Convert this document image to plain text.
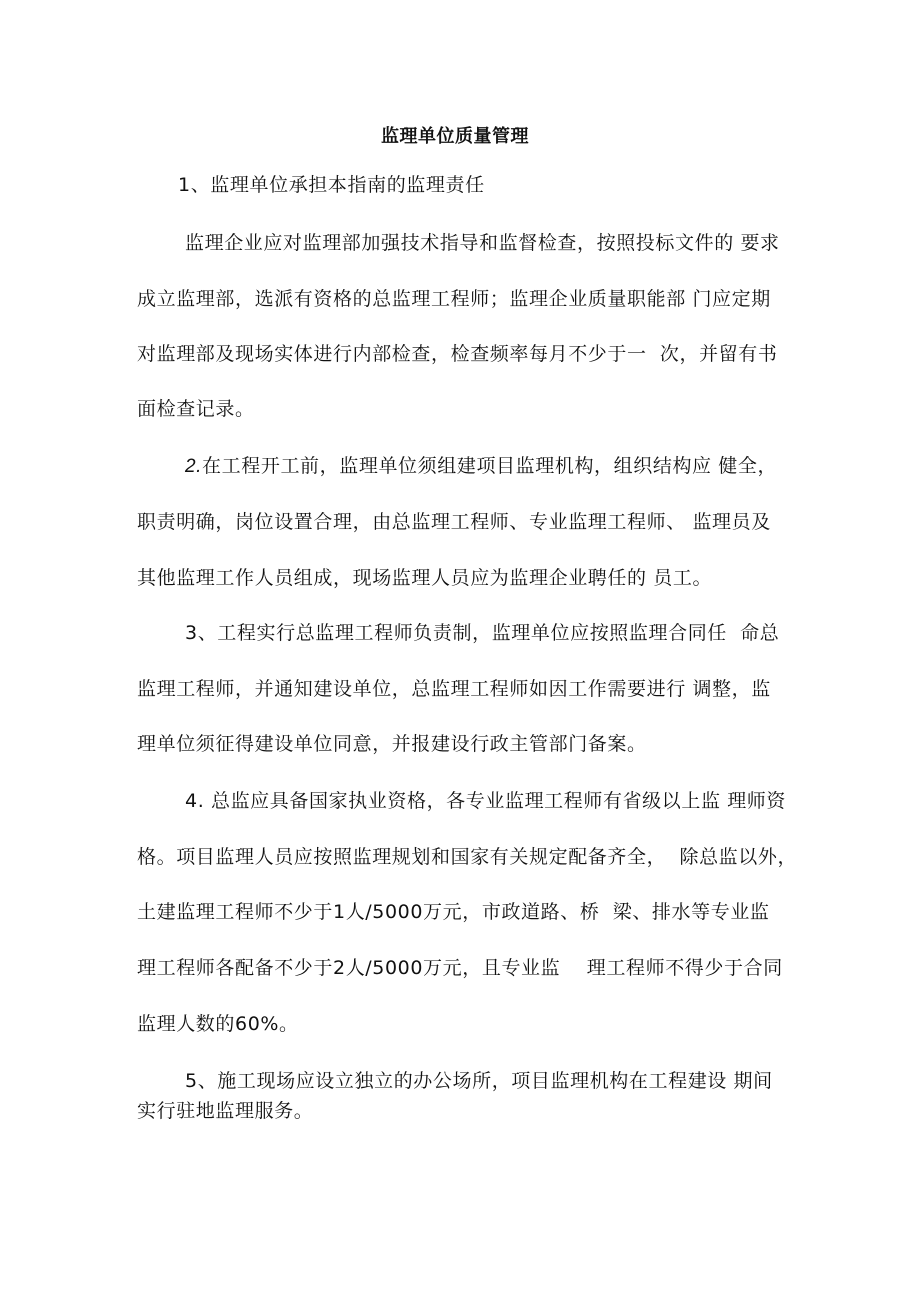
监理单位质量管理
1、监理单位承担本指南的监理责任
监理企业应对监理部加强技术指导和监督检查，按照投标文件的 要求
成立监理部，选派有资格的总监理工程师；监理企业质量职能部 门应定期
对监理部及现场实体进行内部检查，检查频率每月不少于一  次，并留有书
面检查记录。
2.在工程开工前，监理单位须组建项目监理机构，组织结构应 健全，
职责明确，岗位设置合理，由总监理工程师、专业监理工程师、 监理员及
其他监理工作人员组成，现场监理人员应为监理企业聘任的 员工。
3、工程实行总监理工程师负责制，监理单位应按照监理合同任  命总
监理工程师，并通知建设单位，总监理工程师如因工作需要进行 调整，监
理单位须征得建设单位同意，并报建设行政主管部门备案。
4. 总监应具备国家执业资格，各专业监理工程师有省级以上监 理师资
格。项目监理人员应按照监理规划和国家有关规定配备齐全，  除总监以外，
土建监理工程师不少于1人/5000万元，市政道路、桥  梁、排水等专业监
理工程师各配备不少于2人/5000万元，且专业监    理工程师不得少于合同
监理人数的60%。
5、施工现场应设立独立的办公场所，项目监理机构在工程建设 期间
实行驻地监理服务。
